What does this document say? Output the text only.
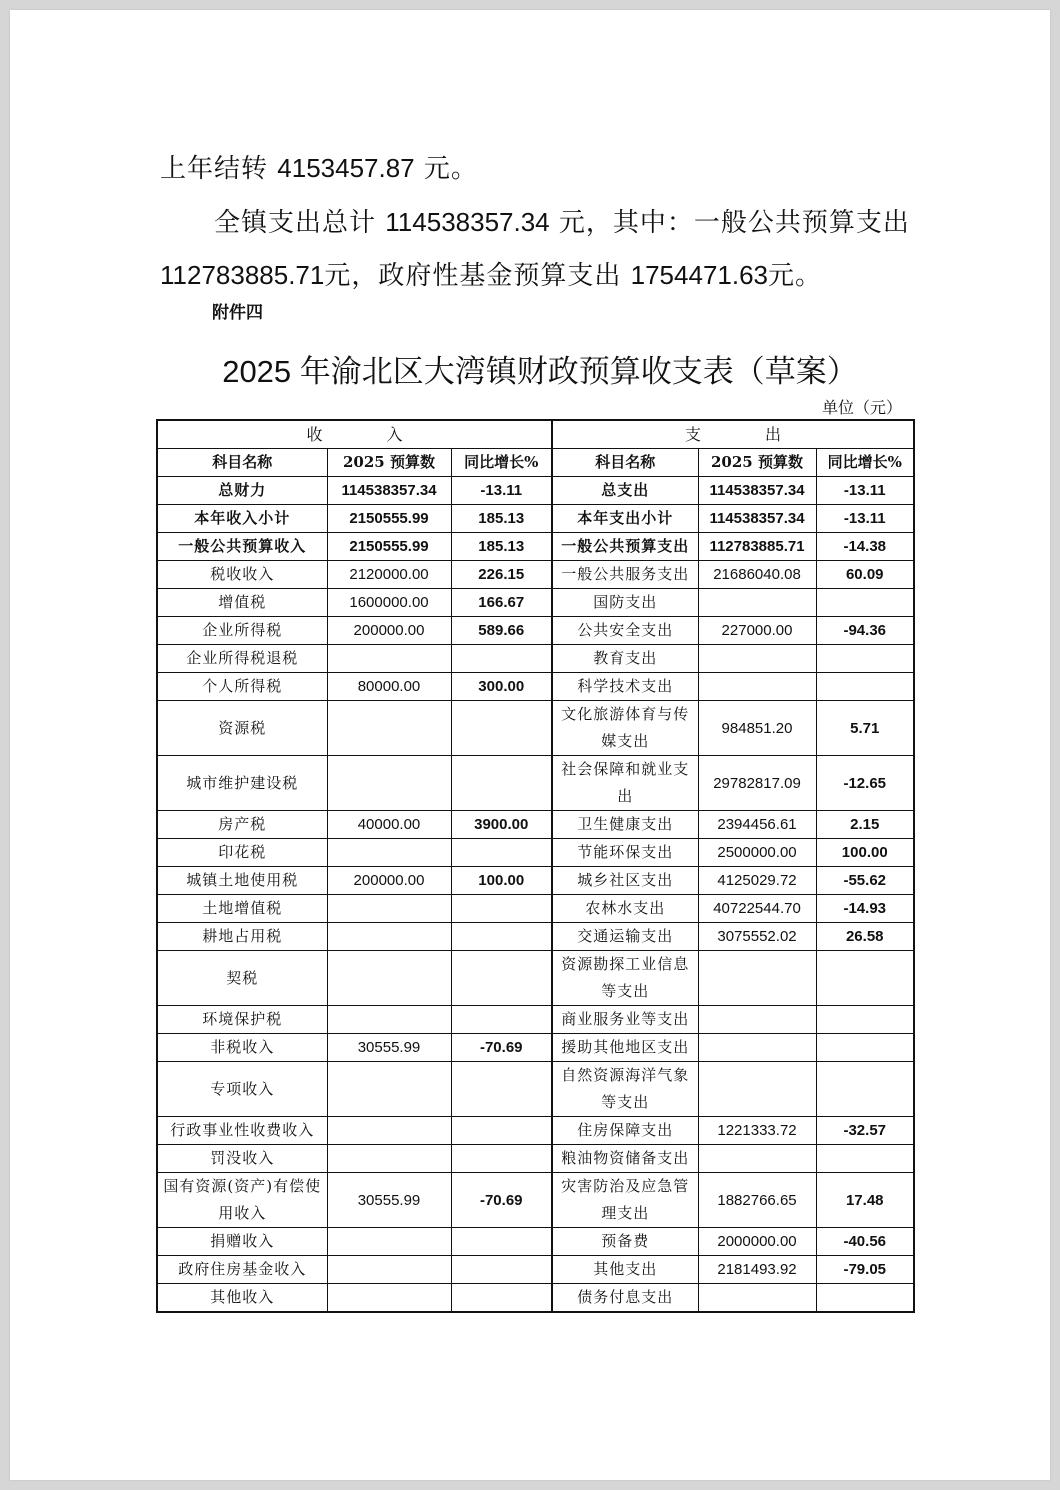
上年结转 4153457.87 元。
全镇支出总计 114538357.34 元，其中：一般公共预算支出 112783885.71元，政府性基金预算支出 1754471.63元。
附件四
2025 年渝北区大湾镇财政预算收支表（草案）
单位（元）
收　　　　入			支　　　　出		
科目名称	2025 预算数	同比增长%	科目名称	2025 预算数	同比增长%
总财力	114538357.34	-13.11	总支出	114538357.34	-13.11
本年收入小计	2150555.99	185.13	本年支出小计	114538357.34	-13.11
一般公共预算收入	2150555.99	185.13	一般公共预算支出	112783885.71	-14.38
税收收入	2120000.00	226.15	一般公共服务支出	21686040.08	60.09
增值税	1600000.00	166.67	国防支出		
企业所得税	200000.00	589.66	公共安全支出	227000.00	-94.36
企业所得税退税			教育支出		
个人所得税	80000.00	300.00	科学技术支出		
资源税			文化旅游体育与传媒支出	984851.20	5.71
城市维护建设税			社会保障和就业支出	29782817.09	-12.65
房产税	40000.00	3900.00	卫生健康支出	2394456.61	2.15
印花税			节能环保支出	2500000.00	100.00
城镇土地使用税	200000.00	100.00	城乡社区支出	4125029.72	-55.62
土地增值税			农林水支出	40722544.70	-14.93
耕地占用税			交通运输支出	3075552.02	26.58
契税			资源勘探工业信息等支出		
环境保护税			商业服务业等支出		
非税收入	30555.99	-70.69	援助其他地区支出		
专项收入			自然资源海洋气象等支出		
行政事业性收费收入			住房保障支出	1221333.72	-32.57
罚没收入			粮油物资储备支出		
国有资源(资产)有偿使用收入	30555.99	-70.69	灾害防治及应急管理支出	1882766.65	17.48
捐赠收入			预备费	2000000.00	-40.56
政府住房基金收入			其他支出	2181493.92	-79.05
其他收入			债务付息支出		
